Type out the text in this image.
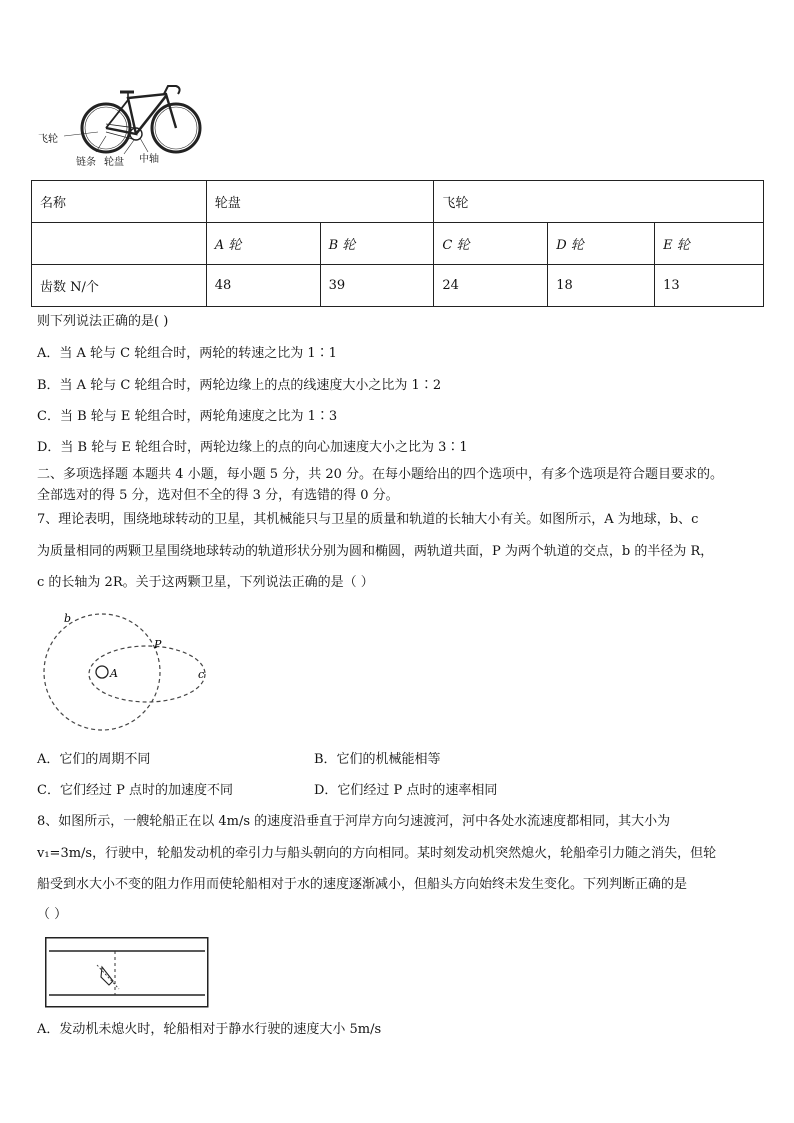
飞轮
链条 轮盘 中轴
名称	轮盘		飞轮		
	A 轮	B 轮	C 轮	D 轮	E 轮
齿数 N/个	48	39	24	18	13
则下列说法正确的是( )
A．当 A 轮与 C 轮组合时，两轮的转速之比为 1∶1
B．当 A 轮与 C 轮组合时，两轮边缘上的点的线速度大小之比为 1∶2
C．当 B 轮与 E 轮组合时，两轮角速度之比为 1∶3
D．当 B 轮与 E 轮组合时，两轮边缘上的点的向心加速度大小之比为 3∶1
二、多项选择题 本题共 4 小题，每小题 5 分，共 20 分。在每小题给出的四个选项中，有多个选项是符合题目要求的。
全部选对的得 5 分，选对但不全的得 3 分，有选错的得 0 分。
7、理论表明，围绕地球转动的卫星，其机械能只与卫星的质量和轨道的长轴大小有关。如图所示，A 为地球，b、c
为质量相同的两颗卫星围绕地球转动的轨道形状分别为圆和椭圆，两轨道共面，P 为两个轨道的交点，b 的半径为 R，
c 的长轴为 2R。关于这两颗卫星，下列说法正确的是（ ）
A
b
P
c
A．它们的周期不同	B．它们的机械能相等
C．它们经过 P 点时的加速度不同	D．它们经过 P 点时的速率相同
8、如图所示，一艘轮船正在以 4m/s 的速度沿垂直于河岸方向匀速渡河，河中各处水流速度都相同，其大小为
v₁=3m/s，行驶中，轮船发动机的牵引力与船头朝向的方向相同。某时刻发动机突然熄火，轮船牵引力随之消失，但轮
船受到水大小不变的阻力作用而使轮船相对于水的速度逐渐减小，但船头方向始终未发生变化。下列判断正确的是
（ ）
A．发动机未熄火时，轮船相对于静水行驶的速度大小 5m/s
